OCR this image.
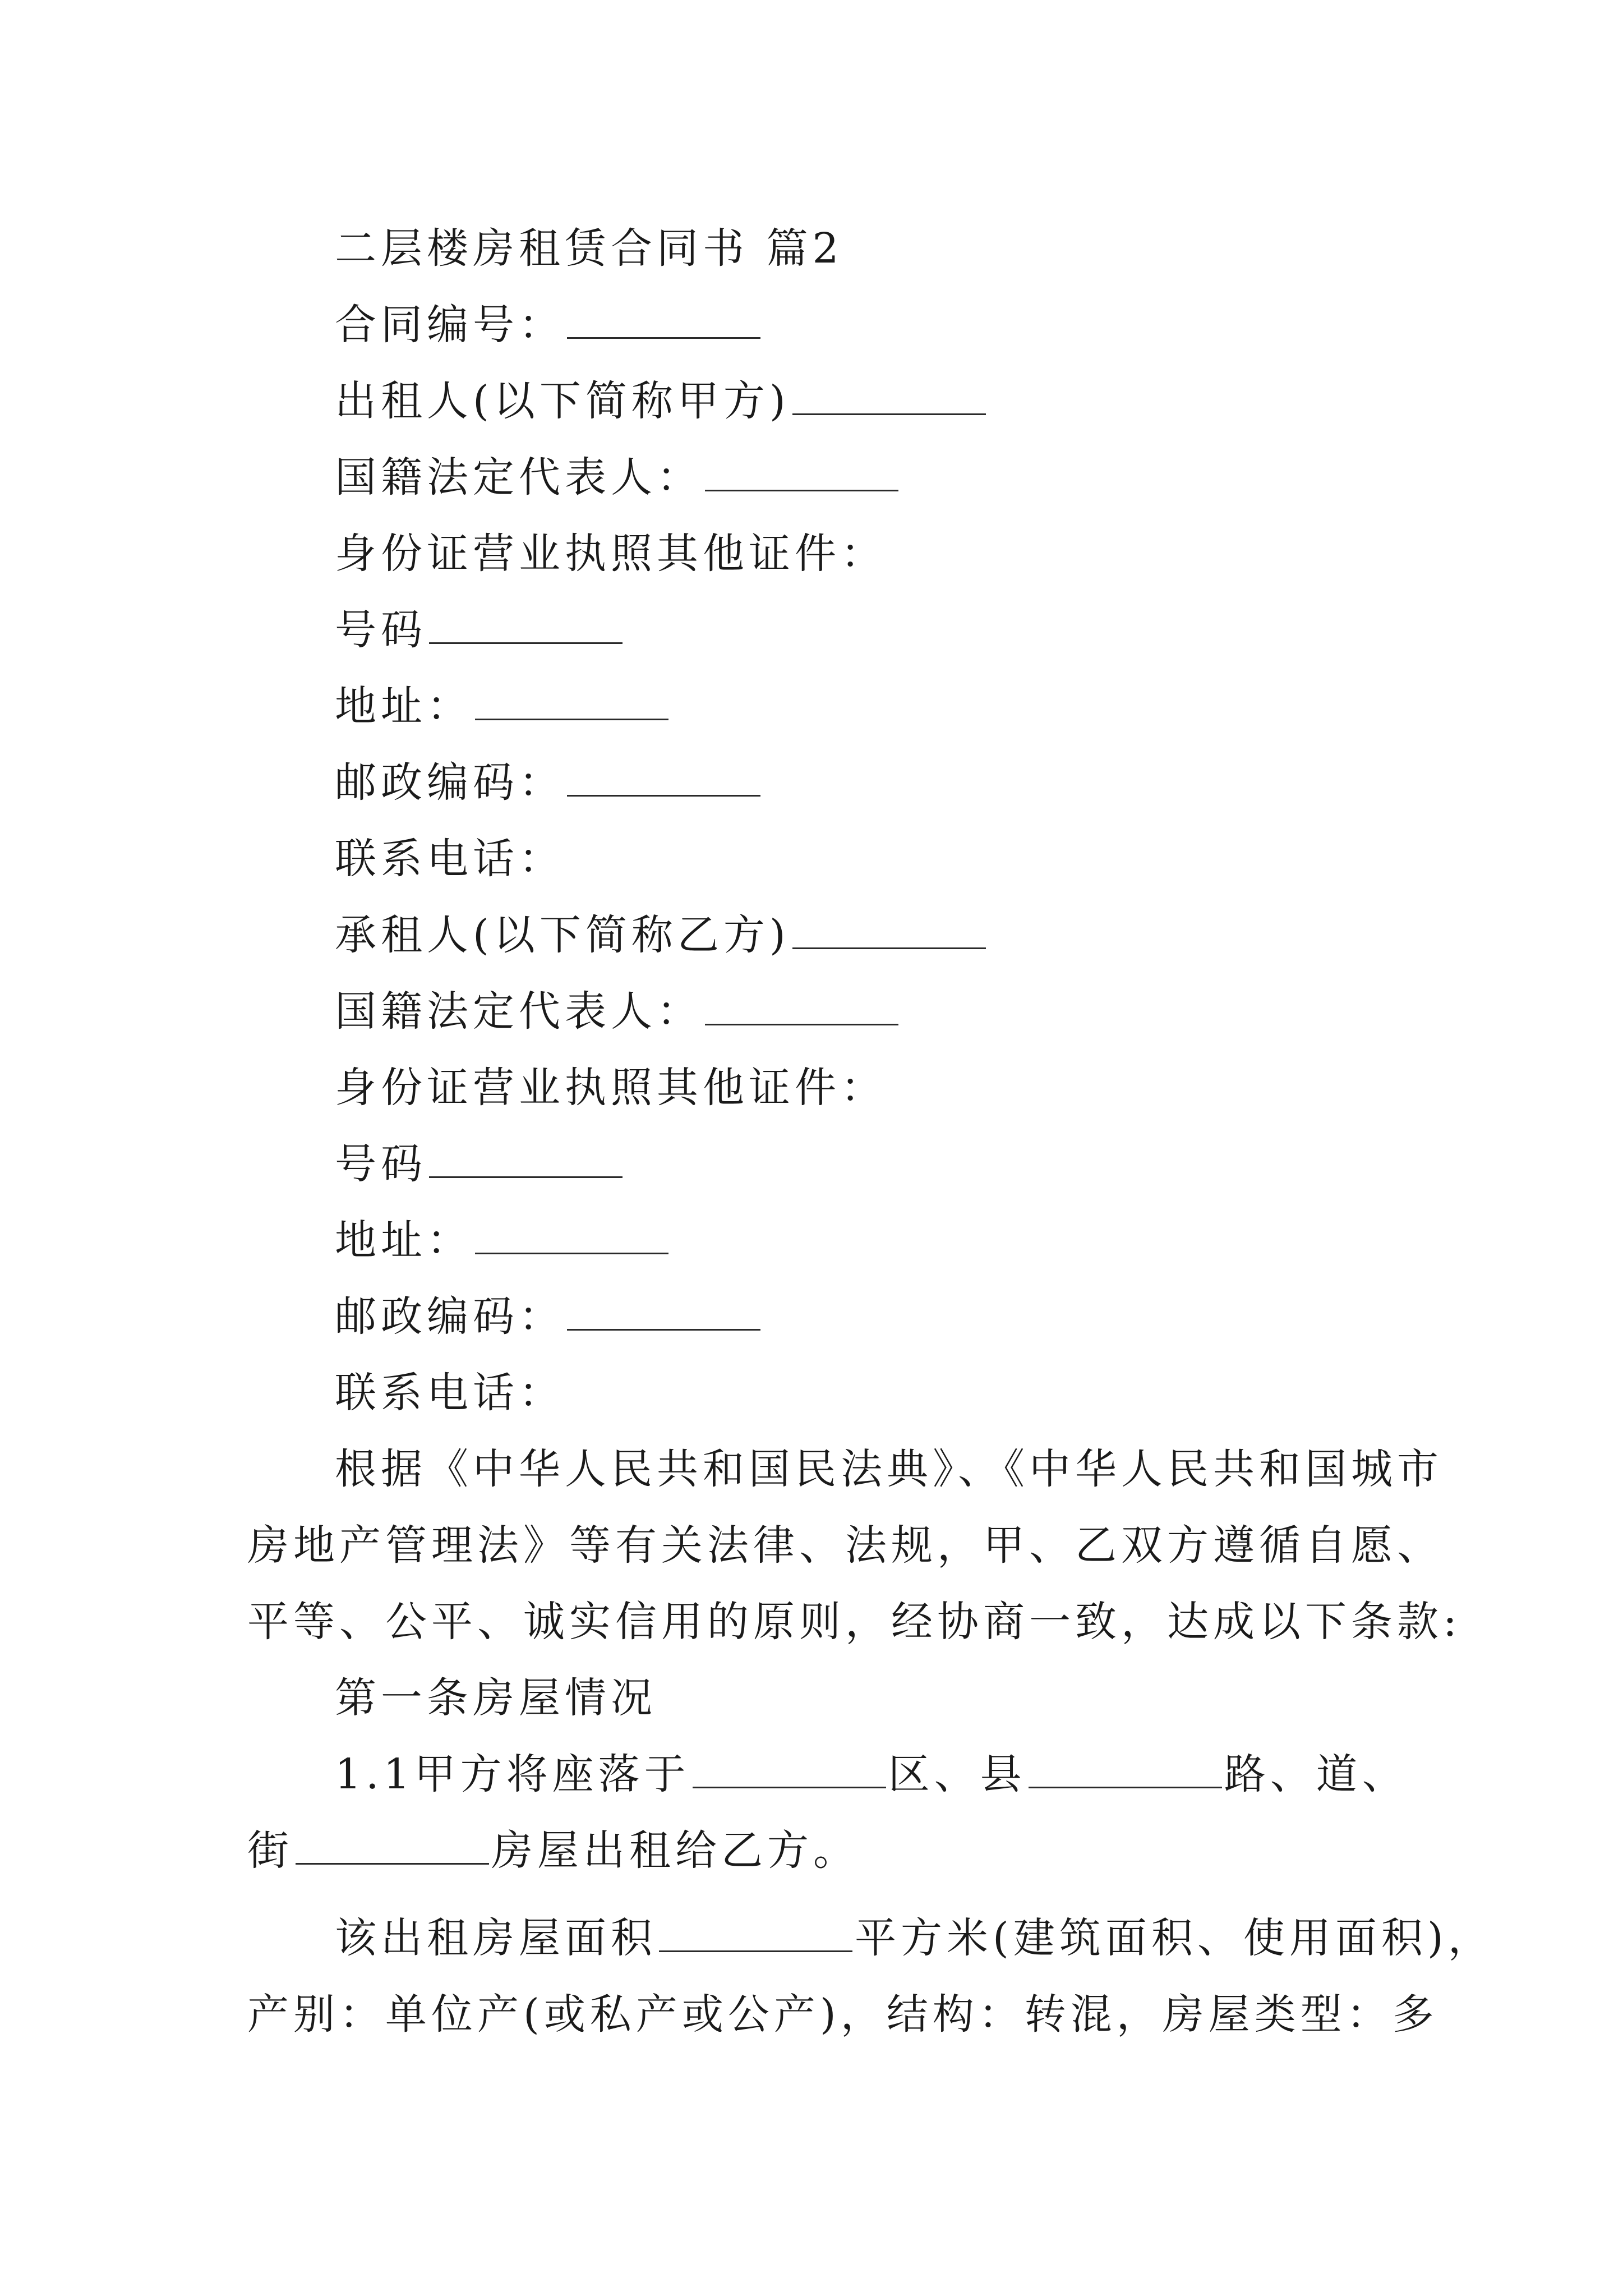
二层楼房租赁合同书 篇2
合同编号：
出租人(以下简称甲方)
国籍法定代表人：
身份证营业执照其他证件：
号码
地址：
邮政编码：
联系电话：
承租人(以下简称乙方)
国籍法定代表人：
身份证营业执照其他证件：
号码
地址：
邮政编码：
联系电话：
根据《中华人民共和国民法典》、《中华人民共和国城市
房地产管理法》等有关法律、法规，甲、乙双方遵循自愿、
平等、公平、诚实信用的原则，经协商一致，达成以下条款:
第一条房屋情况
1.1甲方将座落于	区、县	路、道、
街	房屋出租给乙方。
该出租房屋面积	平方米(建筑面积、使用面积)，
产别：单位产(或私产或公产)，结构：转混，房屋类型：多
